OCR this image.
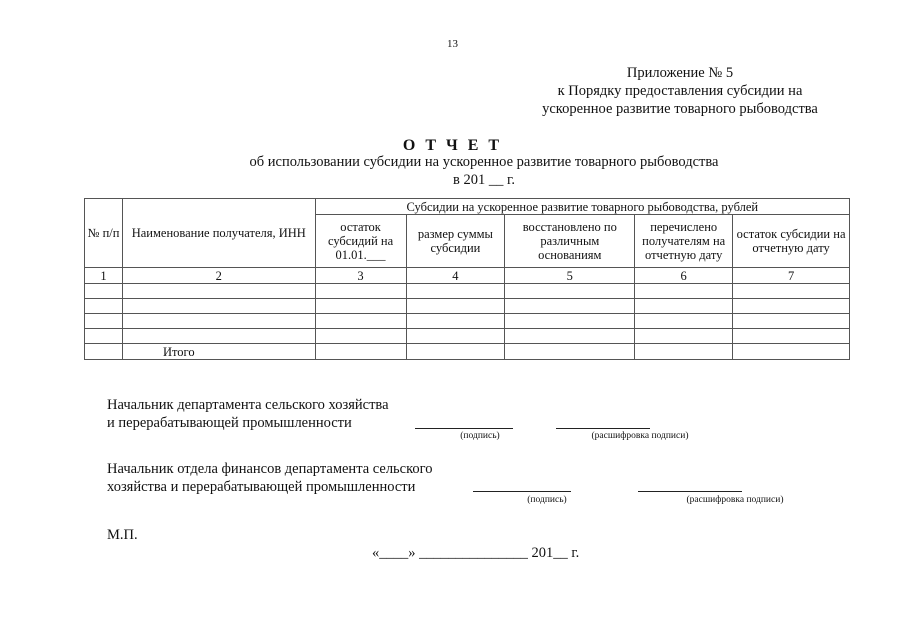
13
Приложение № 5
к Порядку предоставления субсидии на
ускоренное развитие товарного рыбоводства
О Т Ч Е Т
об использовании субсидии на ускоренное развитие товарного рыбоводства
в 201 __ г.
№ п/п	Наименование получателя, ИНН	Субсидии на ускоренное развитие товарного рыбоводства, рублей				
		остаток субсидий на 01.01.___	размер суммы субсидии	восстановлено по различным основаниям	перечислено получателям на отчетную дату	остаток субсидии на отчетную дату
1	2	3	4	5	6	7

	Итого					
Начальник департамента сельского хозяйства
и перерабатывающей промышленности
(подпись)	(расшифровка подписи)
Начальник отдела финансов департамента сельского
хозяйства и перерабатывающей промышленности
(подпись)	(расшифровка подписи)
М.П.
«____» _______________ 201__ г.
